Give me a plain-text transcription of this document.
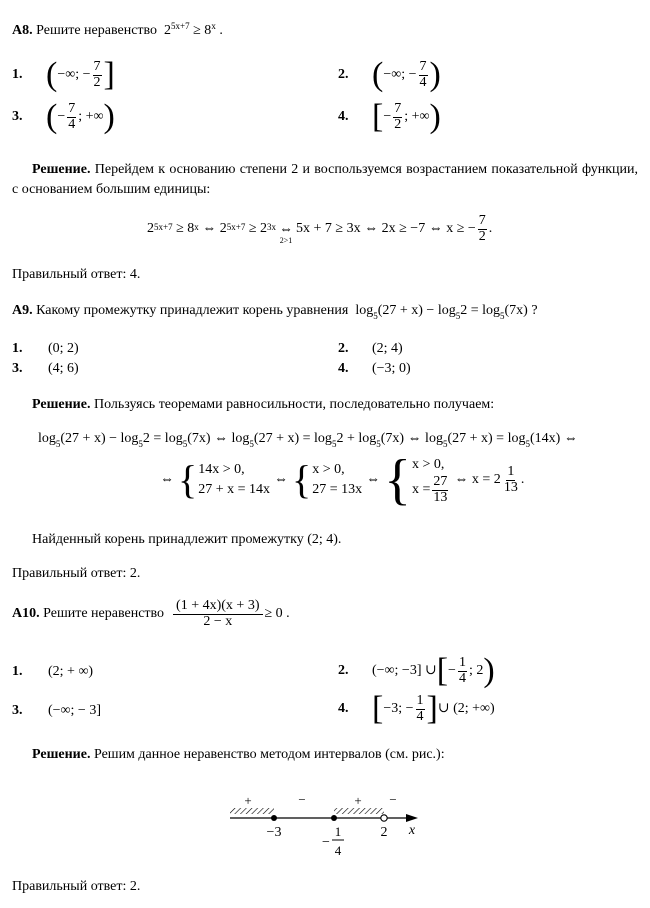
A8. Решите неравенство $2^{5x+7} \ge 8^x$ .
1. ( −∞; − $\frac{7}{2}$ ]	2. ( −∞; − $\frac{7}{4}$ )
3. ( − $\frac{7}{4}$ ; +∞ )	4. [ − $\frac{7}{2}$ ; +∞ )
Решение. Перейдем к основанию степени 2 и воспользуемся возрастанием показательной функции, с основанием большим единицы:
$2^{5x+7}$
≥ $8^x$
⇔ $2^{5x+7}$
≥ $2^{3x}$ ⇔
2>1
5x + 7 ≥ 3x ⇔ 2x ≥ −7 ⇔ x ≥ − $\frac{7}{2}$ .
Правильный ответ: 4.
A9. Какому промежутку принадлежит корень уравнения $\log_5(27 + x) - \log_52 = \log_5(7x)$ ?
1. (0; 2)	2. (2; 4)
3. (4; 6)	4. (−3; 0)
Решение. Пользуясь теоремами равносильности, последовательно получаем:
$\log_5(27 + x) - \log_52 = \log_5(7x)$ ⇔ $\log_5(27 + x) = \log_52 + \log_5(7x)$ ⇔ $\log_5(27 + x) = \log_5(14x)$ ⇔
⇔ { 14x > 0,
27 + x = 14x
⇔ { x > 0,
27 = 13x
⇔ { x > 0,
$x = \frac{27}{13}$ ⇔ $x = 2 \frac{1}{13}$ .
Найденный корень принадлежит промежутку (2; 4).
Правильный ответ: 2.
A10.
Решите неравенство
$\frac{(1 + 4x)(x + 3)}{2 - x} \ge 0$ .
1. (2; + ∞)	2.	(−∞; −3] ∪ [ − $\frac{1}{4}$ ; 2 )
3. (−∞; − 3]	4. [ −3; − $\frac{1}{4}$ ] ∪ (2; +∞)
Решение. Решим данное неравенство методом интервалов (см. рис.):
+	−	+ −
−3
−
1
4
2 x
Правильный ответ: 2.
